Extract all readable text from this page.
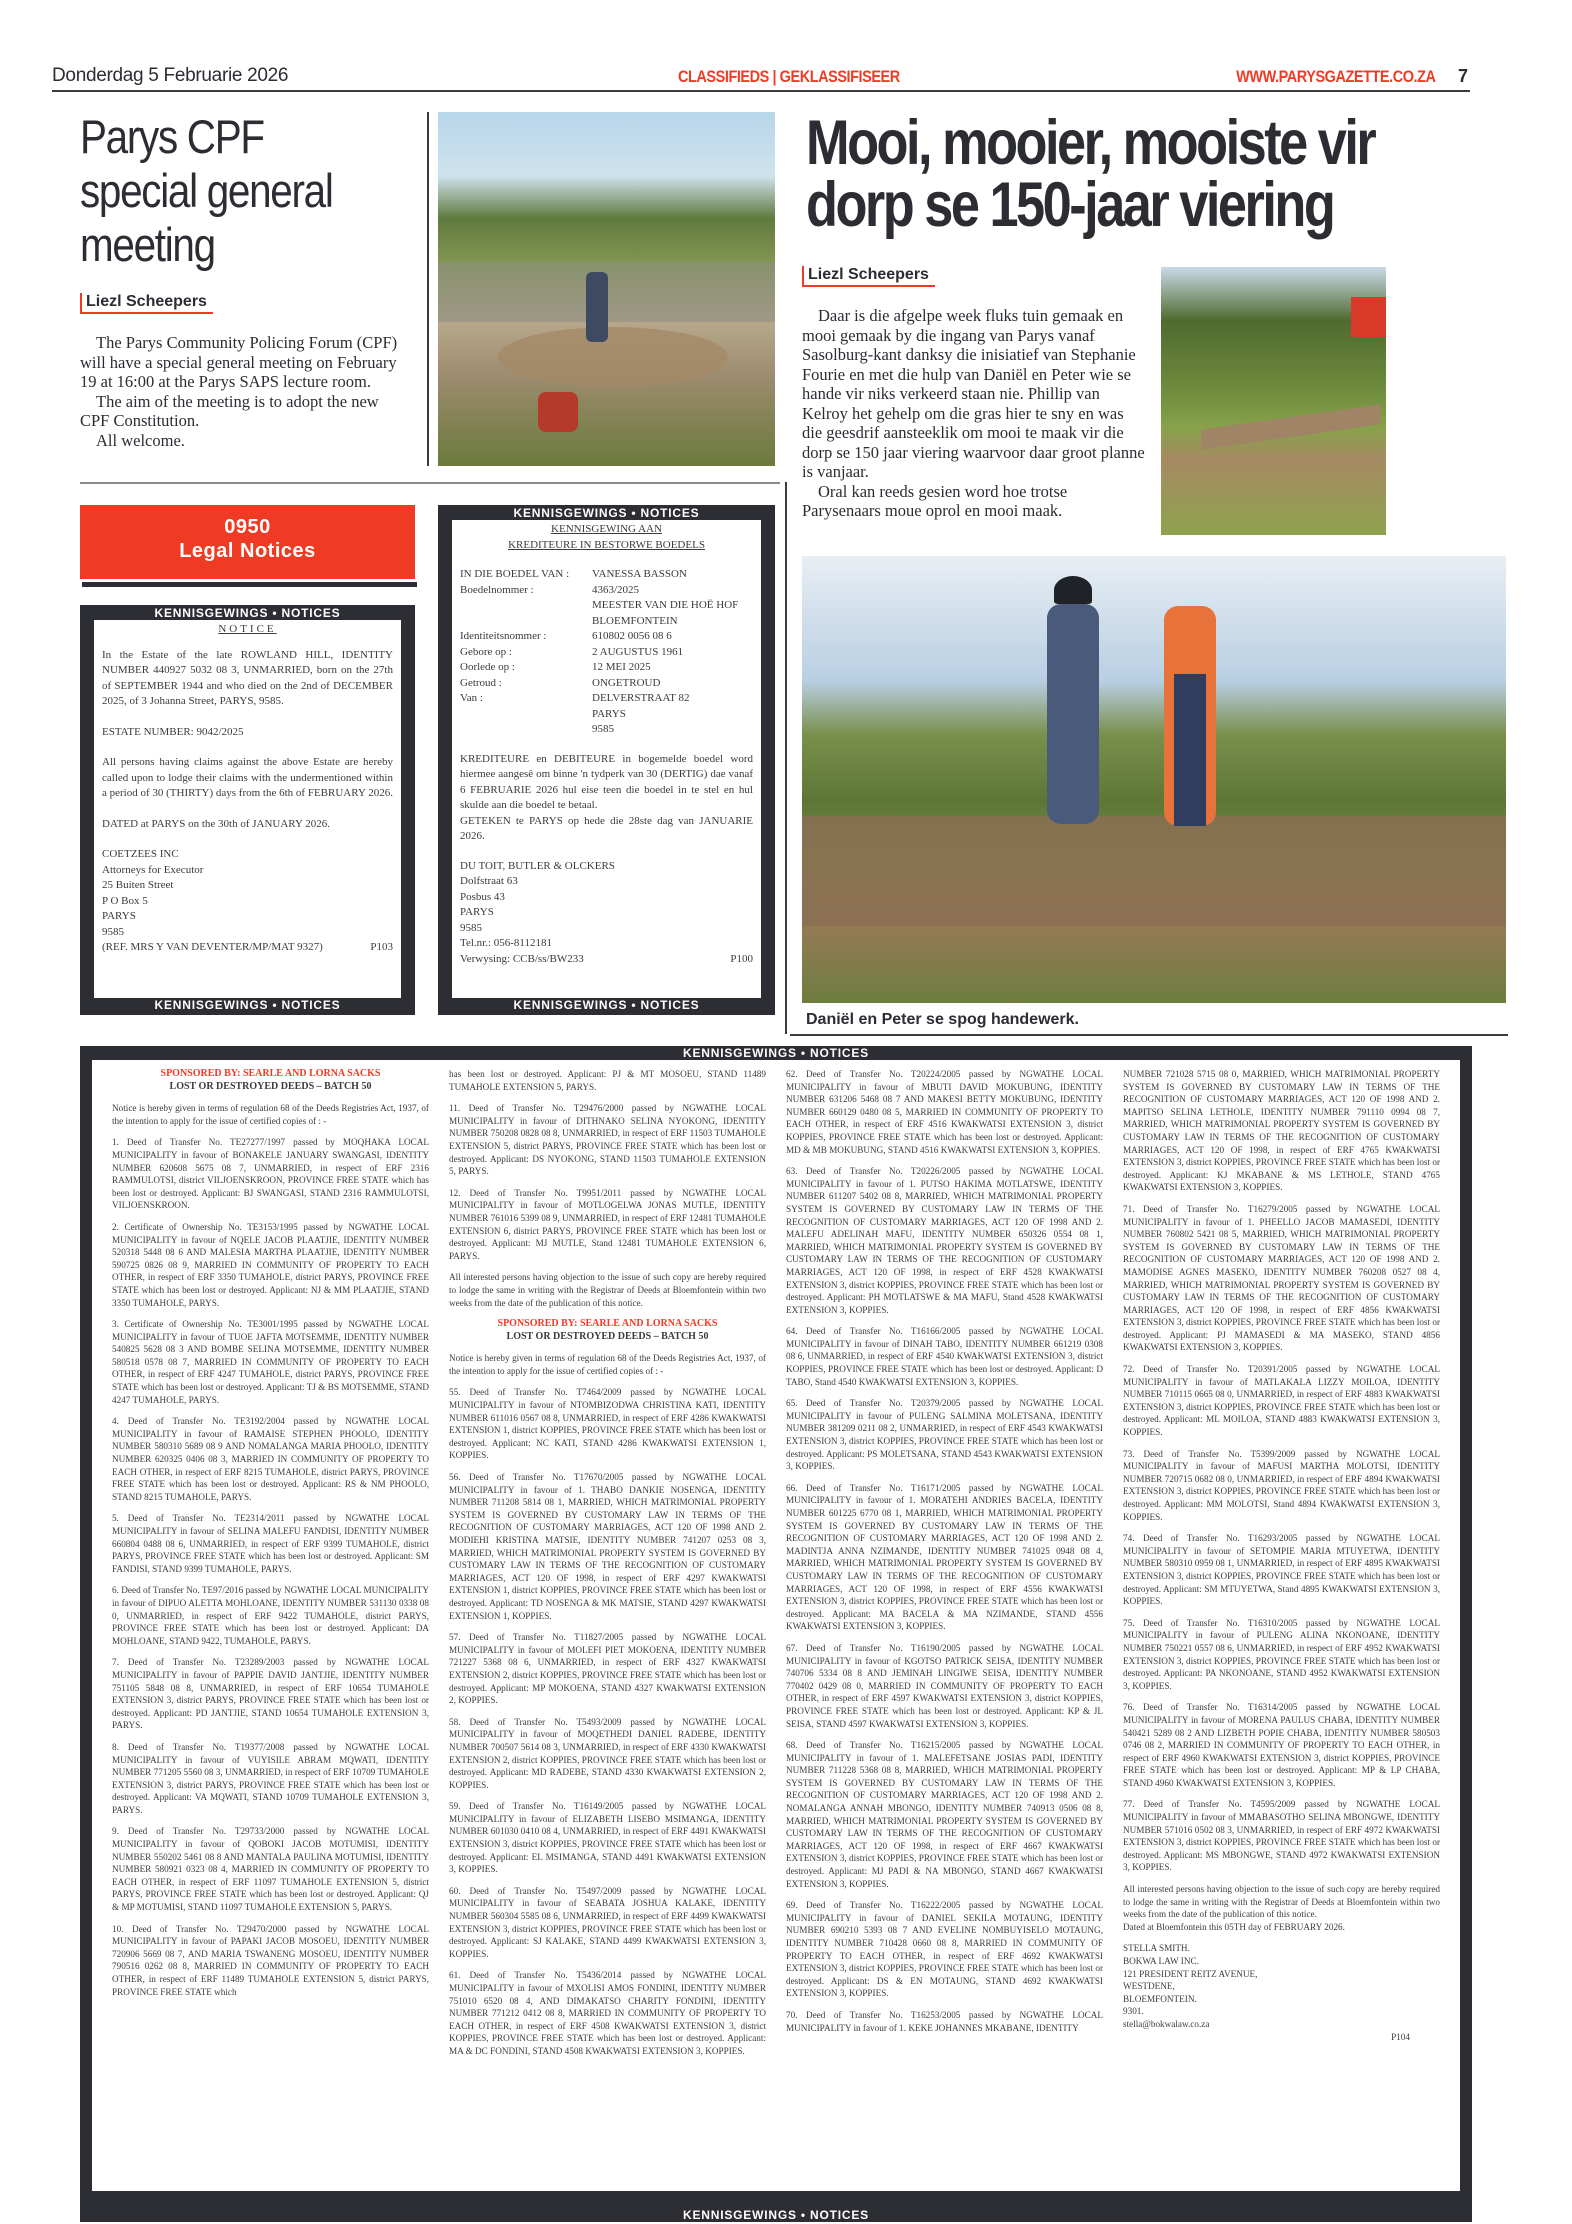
Donderdag 5 Februarie 2026	CLASSIFIEDS | GEKLASSIFISEER	WWW.PARYSGAZETTE.CO.ZA 7
Parys CPF special general meeting
Liezl Scheepers

The Parys Community Policing Forum (CPF) will have a special general meeting on February 19 at 16:00 at the Parys SAPS lecture room.

The aim of the meeting is to adopt the new CPF Constitution.

All welcome.

Mooi, mooier, mooiste vir dorp se 150-jaar viering
Liezl Scheepers

Daar is die afgelpe week fluks tuin gemaak en mooi gemaak by die ingang van Parys vanaf Sasolburg-kant danksy die inisiatief van Stephanie Fourie en met die hulp van Daniël en Peter wie se hande vir niks verkeerd staan nie. Phillip van Kelroy het gehelp om die gras hier te sny en was die geesdrif aansteeklik om mooi te maak vir die dorp se 150 jaar viering waarvoor daar groot planne is vanjaar.

Oral kan reeds gesien word hoe trotse Parysenaars moue oprol en mooi maak.

Daniël en Peter se spog handewerk.
0950
Legal Notices
KENNISGEWINGS • NOTICES
NOTICE
In the Estate of the late ROWLAND HILL, IDENTITY NUMBER 440927 5032 08 3, UNMARRIED, born on the 27th of SEPTEMBER 1944 and who died on the 2nd of DECEMBER 2025, of 3 Johanna Street, PARYS, 9585.
ESTATE NUMBER: 9042/2025
All persons having claims against the above Estate are hereby called upon to lodge their claims with the undermentioned within a period of 30 (THIRTY) days from the 6th of FEBRUARY 2026.
DATED at PARYS on the 30th of JANUARY 2026.
COETZEES INC
Attorneys for Executor
25 Buiten Street
P O Box 5
PARYS
9585
(REF. MRS Y VAN DEVENTER/MP/MAT 9327)	P103
KENNISGEWINGS • NOTICES
KENNISGEWINGS • NOTICES
KENNISGEWING AAN
KREDITEURE IN BESTORWE BOEDELS
IN DIE BOEDEL VAN :	VANESSA BASSON
Boedelnommer :	4363/2025
MEESTER VAN DIE HOË HOF
BLOEMFONTEIN
Identiteitsnommer :	610802 0056 08 6
Gebore op :	2 AUGUSTUS 1961
Oorlede op :	12 MEI 2025
Getroud :	ONGETROUD
Van :	DELVERSTRAAT 82
PARYS
9585
KREDITEURE en DEBITEURE in bogemelde boedel word hiermee aangesê om binne 'n tydperk van 30 (DERTIG) dae vanaf 6 FEBRUARIE 2026 hul eise teen die boedel in te stel en hul skulde aan die boedel te betaal.
GETEKEN te PARYS op hede die 28ste dag van JANUARIE 2026.
DU TOIT, BUTLER & OLCKERS
Dolfstraat 63
Posbus 43
PARYS
9585
Tel.nr.: 056-8112181
Verwysing: CCB/ss/BW233	P100
KENNISGEWINGS • NOTICES
KENNISGEWINGS • NOTICES

SPONSORED BY: SEARLE AND LORNA SACKS

LOST OR DESTROYED DEEDS – BATCH 50

Notice is hereby given in terms of regulation 68 of the Deeds Registries Act, 1937, of the intention to apply for the issue of certified copies of : -

1. Deed of Transfer No. TE27277/1997 passed by MOQHAKA LOCAL MUNICIPALITY in favour of BONAKELE JANUARY SWANGASI, IDENTITY NUMBER 620608 5675 08 7, UNMARRIED, in respect of ERF 2316 RAMMULOTSI, district VILJOENSKROON, PROVINCE FREE STATE which has been lost or destroyed. Applicant: BJ SWANGASI, STAND 2316 RAMMULOTSI, VILJOENSKROON.

2. Certificate of Ownership No. TE3153/1995 passed by NGWATHE LOCAL MUNICIPALITY in favour of NQELE JACOB PLAATJIE, IDENTITY NUMBER 520318 5448 08 6 AND MALESIA MARTHA PLAATJIE, IDENTITY NUMBER 590725 0826 08 9, MARRIED IN COMMUNITY OF PROPERTY TO EACH OTHER, in respect of ERF 3350 TUMAHOLE, district PARYS, PROVINCE FREE STATE which has been lost or destroyed. Applicant: NJ & MM PLAATJIE, STAND 3350 TUMAHOLE, PARYS.

3. Certificate of Ownership No. TE3001/1995 passed by NGWATHE LOCAL MUNICIPALITY in favour of TUOE JAFTA MOTSEMME, IDENTITY NUMBER 540825 5628 08 3 AND BOMBE SELINA MOTSEMME, IDENTITY NUMBER 580518 0578 08 7, MARRIED IN COMMUNITY OF PROPERTY TO EACH OTHER, in respect of ERF 4247 TUMAHOLE, district PARYS, PROVINCE FREE STATE which has been lost or destroyed. Applicant: TJ & BS MOTSEMME, STAND 4247 TUMAHOLE, PARYS.

4. Deed of Transfer No. TE3192/2004 passed by NGWATHE LOCAL MUNICIPALITY in favour of RAMAISE STEPHEN PHOOLO, IDENTITY NUMBER 580310 5689 08 9 AND NOMALANGA MARIA PHOOLO, IDENTITY NUMBER 620325 0406 08 3, MARRIED IN COMMUNITY OF PROPERTY TO EACH OTHER, in respect of ERF 8215 TUMAHOLE, district PARYS, PROVINCE FREE STATE which has been lost or destroyed. Applicant: RS & NM PHOOLO, STAND 8215 TUMAHOLE, PARYS.

5. Deed of Transfer No. TE2314/2011 passed by NGWATHE LOCAL MUNICIPALITY in favour of SELINA MALEFU FANDISI, IDENTITY NUMBER 660804 0488 08 6, UNMARRIED, in respect of ERF 9399 TUMAHOLE, district PARYS, PROVINCE FREE STATE which has been lost or destroyed. Applicant: SM FANDISI, STAND 9399 TUMAHOLE, PARYS.

6. Deed of Transfer No. TE97/2016 passed by NGWATHE LOCAL MUNICIPALITY in favour of DIPUO ALETTA MOHLOANE, IDENTITY NUMBER 531130 0338 08 0, UNMARRIED, in respect of ERF 9422 TUMAHOLE, district PARYS, PROVINCE FREE STATE which has been lost or destroyed. Applicant: DA MOHLOANE, STAND 9422, TUMAHOLE, PARYS.

7. Deed of Transfer No. T23289/2003 passed by NGWATHE LOCAL MUNICIPALITY in favour of PAPPIE DAVID JANTJIE, IDENTITY NUMBER 751105 5848 08 8, UNMARRIED, in respect of ERF 10654 TUMAHOLE EXTENSION 3, district PARYS, PROVINCE FREE STATE which has been lost or destroyed. Applicant: PD JANTJIE, STAND 10654 TUMAHOLE EXTENSION 3, PARYS.

8. Deed of Transfer No. T19377/2008 passed by NGWATHE LOCAL MUNICIPALITY in favour of VUYISILE ABRAM MQWATI, IDENTITY NUMBER 771205 5560 08 3, UNMARRIED, in respect of ERF 10709 TUMAHOLE EXTENSION 3, district PARYS, PROVINCE FREE STATE which has been lost or destroyed. Applicant: VA MQWATI, STAND 10709 TUMAHOLE EXTENSION 3, PARYS.

9. Deed of Transfer No. T29733/2000 passed by NGWATHE LOCAL MUNICIPALITY in favour of QOBOKI JACOB MOTUMISI, IDENTITY NUMBER 550202 5461 08 8 AND MANTALA PAULINA MOTUMISI, IDENTITY NUMBER 580921 0323 08 4, MARRIED IN COMMUNITY OF PROPERTY TO EACH OTHER, in respect of ERF 11097 TUMAHOLE EXTENSION 5, district PARYS, PROVINCE FREE STATE which has been lost or destroyed. Applicant: QJ & MP MOTUMISI, STAND 11097 TUMAHOLE EXTENSION 5, PARYS.

10. Deed of Transfer No. T29470/2000 passed by NGWATHE LOCAL MUNICIPALITY in favour of PAPAKI JACOB MOSOEU, IDENTITY NUMBER 720906 5669 08 7, AND MARIA TSWANENG MOSOEU, IDENTITY NUMBER 790516 0262 08 8, MARRIED IN COMMUNITY OF PROPERTY TO EACH OTHER, in respect of ERF 11489 TUMAHOLE EXTENSION 5, district PARYS, PROVINCE FREE STATE which

has been lost or destroyed. Applicant: PJ & MT MOSOEU, STAND 11489 TUMAHOLE EXTENSION 5, PARYS.

11. Deed of Transfer No. T29476/2000 passed by NGWATHE LOCAL MUNICIPALITY in favour of DITHNAKO SELINA NYOKONG, IDENTITY NUMBER 750208 0828 08 8, UNMARRIED, in respect of ERF 11503 TUMAHOLE EXTENSION 5, district PARYS, PROVINCE FREE STATE which has been lost or destroyed. Applicant: DS NYOKONG, STAND 11503 TUMAHOLE EXTENSION 5, PARYS.

12. Deed of Transfer No. T9951/2011 passed by NGWATHE LOCAL MUNICIPALITY in favour of MOTLOGELWA JONAS MUTLE, IDENTITY NUMBER 761016 5399 08 9, UNMARRIED, in respect of ERF 12481 TUMAHOLE EXTENSION 6, district PARYS, PROVINCE FREE STATE which has been lost or destroyed. Applicant: MJ MUTLE, Stand 12481 TUMAHOLE EXTENSION 6, PARYS.

All interested persons having objection to the issue of such copy are hereby required to lodge the same in writing with the Registrar of Deeds at Bloemfontein within two weeks from the date of the publication of this notice.

SPONSORED BY: SEARLE AND LORNA SACKS

LOST OR DESTROYED DEEDS – BATCH 50

Notice is hereby given in terms of regulation 68 of the Deeds Registries Act, 1937, of the intention to apply for the issue of certified copies of : -

55. Deed of Transfer No. T7464/2009 passed by NGWATHE LOCAL MUNICIPALITY in favour of NTOMBIZODWA CHRISTINA KATI, IDENTITY NUMBER 611016 0567 08 8, UNMARRIED, in respect of ERF 4286 KWAKWATSI EXTENSION 1, district KOPPIES, PROVINCE FREE STATE which has been lost or destroyed. Applicant: NC KATI, STAND 4286 KWAKWATSI EXTENSION 1, KOPPIES.

56. Deed of Transfer No. T17670/2005 passed by NGWATHE LOCAL MUNICIPALITY in favour of 1. THABO DANKIE NOSENGA, IDENTITY NUMBER 711208 5814 08 1, MARRIED, WHICH MATRIMONIAL PROPERTY SYSTEM IS GOVERNED BY CUSTOMARY LAW IN TERMS OF THE RECOGNITION OF CUSTOMARY MARRIAGES, ACT 120 OF 1998 AND 2. MODIEHI KRISTINA MATSIE, IDENTITY NUMBER 741207 0253 08 3, MARRIED, WHICH MATRIMONIAL PROPERTY SYSTEM IS GOVERNED BY CUSTOMARY LAW IN TERMS OF THE RECOGNITION OF CUSTOMARY MARRIAGES, ACT 120 OF 1998, in respect of ERF 4297 KWAKWATSI EXTENSION 1, district KOPPIES, PROVINCE FREE STATE which has been lost or destroyed. Applicant: TD NOSENGA & MK MATSIE, STAND 4297 KWAKWATSI EXTENSION 1, KOPPIES.

57. Deed of Transfer No. T11827/2005 passed by NGWATHE LOCAL MUNICIPALITY in favour of MOLEFI PIET MOKOENA, IDENTITY NUMBER 721227 5368 08 6, UNMARRIED, in respect of ERF 4327 KWAKWATSI EXTENSION 2, district KOPPIES, PROVINCE FREE STATE which has been lost or destroyed. Applicant: MP MOKOENA, STAND 4327 KWAKWATSI EXTENSION 2, KOPPIES.

58. Deed of Transfer No. T5493/2009 passed by NGWATHE LOCAL MUNICIPALITY in favour of MOQETHEDI DANIEL RADEBE, IDENTITY NUMBER 700507 5614 08 3, UNMARRIED, in respect of ERF 4330 KWAKWATSI EXTENSION 2, district KOPPIES, PROVINCE FREE STATE which has been lost or destroyed. Applicant: MD RADEBE, STAND 4330 KWAKWATSI EXTENSION 2, KOPPIES.

59. Deed of Transfer No. T16149/2005 passed by NGWATHE LOCAL MUNICIPALITY in favour of ELIZABETH LISEBO MSIMANGA, IDENTITY NUMBER 601030 0410 08 4, UNMARRIED, in respect of ERF 4491 KWAKWATSI EXTENSION 3, district KOPPIES, PROVINCE FREE STATE which has been lost or destroyed. Applicant: EL MSIMANGA, STAND 4491 KWAKWATSI EXTENSION 3, KOPPIES.

60. Deed of Transfer No. T5497/2009 passed by NGWATHE LOCAL MUNICIPALITY in favour of SEABATA JOSHUA KALAKE, IDENTITY NUMBER 560304 5585 08 6, UNMARRIED, in respect of ERF 4499 KWAKWATSI EXTENSION 3, district KOPPIES, PROVINCE FREE STATE which has been lost or destroyed. Applicant: SJ KALAKE, STAND 4499 KWAKWATSI EXTENSION 3, KOPPIES.

61. Deed of Transfer No. T5436/2014 passed by NGWATHE LOCAL MUNICIPALITY in favour of MXOLISI AMOS FONDINI, IDENTITY NUMBER 751010 6520 08 4, AND DIMAKATSO CHARITY FONDINI, IDENTITY NUMBER 771212 0412 08 8, MARRIED IN COMMUNITY OF PROPERTY TO EACH OTHER, in respect of ERF 4508 KWAKWATSI EXTENSION 3, district KOPPIES, PROVINCE FREE STATE which has been lost or destroyed. Applicant: MA & DC FONDINI, STAND 4508 KWAKWATSI EXTENSION 3, KOPPIES.

62. Deed of Transfer No. T20224/2005 passed by NGWATHE LOCAL MUNICIPALITY in favour of MBUTI DAVID MOKUBUNG, IDENTITY NUMBER 631206 5468 08 7 AND MAKESI BETTY MOKUBUNG, IDENTITY NUMBER 660129 0480 08 5, MARRIED IN COMMUNITY OF PROPERTY TO EACH OTHER, in respect of ERF 4516 KWAKWATSI EXTENSION 3, district KOPPIES, PROVINCE FREE STATE which has been lost or destroyed. Applicant: MD & MB MOKUBUNG, STAND 4516 KWAKWATSI EXTENSION 3, KOPPIES.

63. Deed of Transfer No. T20226/2005 passed by NGWATHE LOCAL MUNICIPALITY in favour of 1. PUTSO HAKIMA MOTLATSWE, IDENTITY NUMBER 611207 5402 08 8, MARRIED, WHICH MATRIMONIAL PROPERTY SYSTEM IS GOVERNED BY CUSTOMARY LAW IN TERMS OF THE RECOGNITION OF CUSTOMARY MARRIAGES, ACT 120 OF 1998 AND 2. MALEFU ADELINAH MAFU, IDENTITY NUMBER 650326 0554 08 1, MARRIED, WHICH MATRIMONIAL PROPERTY SYSTEM IS GOVERNED BY CUSTOMARY LAW IN TERMS OF THE RECOGNITION OF CUSTOMARY MARRIAGES, ACT 120 OF 1998, in respect of ERF 4528 KWAKWATSI EXTENSION 3, district KOPPIES, PROVINCE FREE STATE which has been lost or destroyed. Applicant: PH MOTLATSWE & MA MAFU, Stand 4528 KWAKWATSI EXTENSION 3, KOPPIES.

64. Deed of Transfer No. T16166/2005 passed by NGWATHE LOCAL MUNICIPALITY in favour of DINAH TABO, IDENTITY NUMBER 661219 0308 08 6, UNMARRIED, in respect of ERF 4540 KWAKWATSI EXTENSION 3, district KOPPIES, PROVINCE FREE STATE which has been lost or destroyed. Applicant: D TABO, Stand 4540 KWAKWATSI EXTENSION 3, KOPPIES.

65. Deed of Transfer No. T20379/2005 passed by NGWATHE LOCAL MUNICIPALITY in favour of PULENG SALMINA MOLETSANA, IDENTITY NUMBER 381209 0211 08 2, UNMARRIED, in respect of ERF 4543 KWAKWATSI EXTENSION 3, district KOPPIES, PROVINCE FREE STATE which has been lost or destroyed. Applicant: PS MOLETSANA, STAND 4543 KWAKWATSI EXTENSION 3, KOPPIES.

66. Deed of Transfer No. T16171/2005 passed by NGWATHE LOCAL MUNICIPALITY in favour of 1. MORATEHI ANDRIES BACELA, IDENTITY NUMBER 601225 6770 08 1, MARRIED, WHICH MATRIMONIAL PROPERTY SYSTEM IS GOVERNED BY CUSTOMARY LAW IN TERMS OF THE RECOGNITION OF CUSTOMARY MARRIAGES, ACT 120 OF 1998 AND 2. MADINTJA ANNA NZIMANDE, IDENTITY NUMBER 741025 0948 08 4, MARRIED, WHICH MATRIMONIAL PROPERTY SYSTEM IS GOVERNED BY CUSTOMARY LAW IN TERMS OF THE RECOGNITION OF CUSTOMARY MARRIAGES, ACT 120 OF 1998, in respect of ERF 4556 KWAKWATSI EXTENSION 3, district KOPPIES, PROVINCE FREE STATE which has been lost or destroyed. Applicant: MA BACELA & MA NZIMANDE, STAND 4556 KWAKWATSI EXTENSION 3, KOPPIES.

67. Deed of Transfer No. T16190/2005 passed by NGWATHE LOCAL MUNICIPALITY in favour of KGOTSO PATRICK SEISA, IDENTITY NUMBER 740706 5334 08 8 AND JEMINAH LINGIWE SEISA, IDENTITY NUMBER 770402 0429 08 0, MARRIED IN COMMUNITY OF PROPERTY TO EACH OTHER, in respect of ERF 4597 KWAKWATSI EXTENSION 3, district KOPPIES, PROVINCE FREE STATE which has been lost or destroyed. Applicant: KP & JL SEISA, STAND 4597 KWAKWATSI EXTENSION 3, KOPPIES.

68. Deed of Transfer No. T16215/2005 passed by NGWATHE LOCAL MUNICIPALITY in favour of 1. MALEFETSANE JOSIAS PADI, IDENTITY NUMBER 711228 5368 08 8, MARRIED, WHICH MATRIMONIAL PROPERTY SYSTEM IS GOVERNED BY CUSTOMARY LAW IN TERMS OF THE RECOGNITION OF CUSTOMARY MARRIAGES, ACT 120 OF 1998 AND 2. NOMALANGA ANNAH MBONGO, IDENTITY NUMBER 740913 0506 08 8, MARRIED, WHICH MATRIMONIAL PROPERTY SYSTEM IS GOVERNED BY CUSTOMARY LAW IN TERMS OF THE RECOGNITION OF CUSTOMARY MARRIAGES, ACT 120 OF 1998, in respect of ERF 4667 KWAKWATSI EXTENSION 3, district KOPPIES, PROVINCE FREE STATE which has been lost or destroyed. Applicant: MJ PADI & NA MBONGO, STAND 4667 KWAKWATSI EXTENSION 3, KOPPIES.

69. Deed of Transfer No. T16222/2005 passed by NGWATHE LOCAL MUNICIPALITY in favour of DANIEL SEKILA MOTAUNG, IDENTITY NUMBER 690210 5393 08 7 AND EVELINE NOMBUYISELO MOTAUNG, IDENTITY NUMBER 710428 0660 08 8, MARRIED IN COMMUNITY OF PROPERTY TO EACH OTHER, in respect of ERF 4692 KWAKWATSI EXTENSION 3, district KOPPIES, PROVINCE FREE STATE which has been lost or destroyed. Applicant: DS & EN MOTAUNG, STAND 4692 KWAKWATSI EXTENSION 3, KOPPIES.

70. Deed of Transfer No. T16253/2005 passed by NGWATHE LOCAL MUNICIPALITY in favour of 1. KEKE JOHANNES MKABANE, IDENTITY

NUMBER 721028 5715 08 0, MARRIED, WHICH MATRIMONIAL PROPERTY SYSTEM IS GOVERNED BY CUSTOMARY LAW IN TERMS OF THE RECOGNITION OF CUSTOMARY MARRIAGES, ACT 120 OF 1998 AND 2. MAPITSO SELINA LETHOLE, IDENTITY NUMBER 791110 0994 08 7, MARRIED, WHICH MATRIMONIAL PROPERTY SYSTEM IS GOVERNED BY CUSTOMARY LAW IN TERMS OF THE RECOGNITION OF CUSTOMARY MARRIAGES, ACT 120 OF 1998, in respect of ERF 4765 KWAKWATSI EXTENSION 3, district KOPPIES, PROVINCE FREE STATE which has been lost or destroyed. Applicant: KJ MKABANE & MS LETHOLE, STAND 4765 KWAKWATSI EXTENSION 3, KOPPIES.

71. Deed of Transfer No. T16279/2005 passed by NGWATHE LOCAL MUNICIPALITY in favour of 1. PHEELLO JACOB MAMASEDI, IDENTITY NUMBER 760802 5421 08 5, MARRIED, WHICH MATRIMONIAL PROPERTY SYSTEM IS GOVERNED BY CUSTOMARY LAW IN TERMS OF THE RECOGNITION OF CUSTOMARY MARRIAGES, ACT 120 OF 1998 AND 2. MAMODISE AGNES MASEKO, IDENTITY NUMBER 760208 0527 08 4, MARRIED, WHICH MATRIMONIAL PROPERTY SYSTEM IS GOVERNED BY CUSTOMARY LAW IN TERMS OF THE RECOGNITION OF CUSTOMARY MARRIAGES, ACT 120 OF 1998, in respect of ERF 4856 KWAKWATSI EXTENSION 3, district KOPPIES, PROVINCE FREE STATE which has been lost or destroyed. Applicant: PJ MAMASEDI & MA MASEKO, STAND 4856 KWAKWATSI EXTENSION 3, KOPPIES.

72. Deed of Transfer No. T20391/2005 passed by NGWATHE LOCAL MUNICIPALITY in favour of MATLAKALA LIZZY MOILOA, IDENTITY NUMBER 710115 0665 08 0, UNMARRIED, in respect of ERF 4883 KWAKWATSI EXTENSION 3, district KOPPIES, PROVINCE FREE STATE which has been lost or destroyed. Applicant: ML MOILOA, STAND 4883 KWAKWATSI EXTENSION 3, KOPPIES.

73. Deed of Transfer No. T5399/2009 passed by NGWATHE LOCAL MUNICIPALITY in favour of MAFUSI MARTHA MOLOTSI, IDENTITY NUMBER 720715 0682 08 0, UNMARRIED, in respect of ERF 4894 KWAKWATSI EXTENSION 3, district KOPPIES, PROVINCE FREE STATE which has been lost or destroyed. Applicant: MM MOLOTSI, Stand 4894 KWAKWATSI EXTENSION 3, KOPPIES.

74. Deed of Transfer No. T16293/2005 passed by NGWATHE LOCAL MUNICIPALITY in favour of SETOMPIE MARIA MTUYETWA, IDENTITY NUMBER 580310 0959 08 1, UNMARRIED, in respect of ERF 4895 KWAKWATSI EXTENSION 3, district KOPPIES, PROVINCE FREE STATE which has been lost or destroyed. Applicant: SM MTUYETWA, Stand 4895 KWAKWATSI EXTENSION 3, KOPPIES.

75. Deed of Transfer No. T16310/2005 passed by NGWATHE LOCAL MUNICIPALITY in favour of PULENG ALINA NKONOANE, IDENTITY NUMBER 750221 0557 08 6, UNMARRIED, in respect of ERF 4952 KWAKWATSI EXTENSION 3, district KOPPIES, PROVINCE FREE STATE which has been lost or destroyed. Applicant: PA NKONOANE, STAND 4952 KWAKWATSI EXTENSION 3, KOPPIES.

76. Deed of Transfer No. T16314/2005 passed by NGWATHE LOCAL MUNICIPALITY in favour of MORENA PAULUS CHABA, IDENTITY NUMBER 540421 5289 08 2 AND LIZBETH POPIE CHABA, IDENTITY NUMBER 580503 0746 08 2, MARRIED IN COMMUNITY OF PROPERTY TO EACH OTHER, in respect of ERF 4960 KWAKWATSI EXTENSION 3, district KOPPIES, PROVINCE FREE STATE which has been lost or destroyed. Applicant: MP & LP CHABA, STAND 4960 KWAKWATSI EXTENSION 3, KOPPIES.

77. Deed of Transfer No. T4595/2009 passed by NGWATHE LOCAL MUNICIPALITY in favour of MMABASOTHO SELINA MBONGWE, IDENTITY NUMBER 571016 0502 08 3, UNMARRIED, in respect of ERF 4972 KWAKWATSI EXTENSION 3, district KOPPIES, PROVINCE FREE STATE which has been lost or destroyed. Applicant: MS MBONGWE, STAND 4972 KWAKWATSI EXTENSION 3, KOPPIES.

All interested persons having objection to the issue of such copy are hereby required to lodge the same in writing with the Registrar of Deeds at Bloemfontein within two weeks from the date of the publication of this notice.

Dated at Bloemfontein this 05TH day of FEBRUARY 2026.

STELLA SMITH.
BOKWA LAW INC.
121 PRESIDENT REITZ AVENUE,
WESTDENE,
BLOEMFONTEIN.
9301.
stella@bokwalaw.co.za
P104
KENNISGEWINGS • NOTICES
